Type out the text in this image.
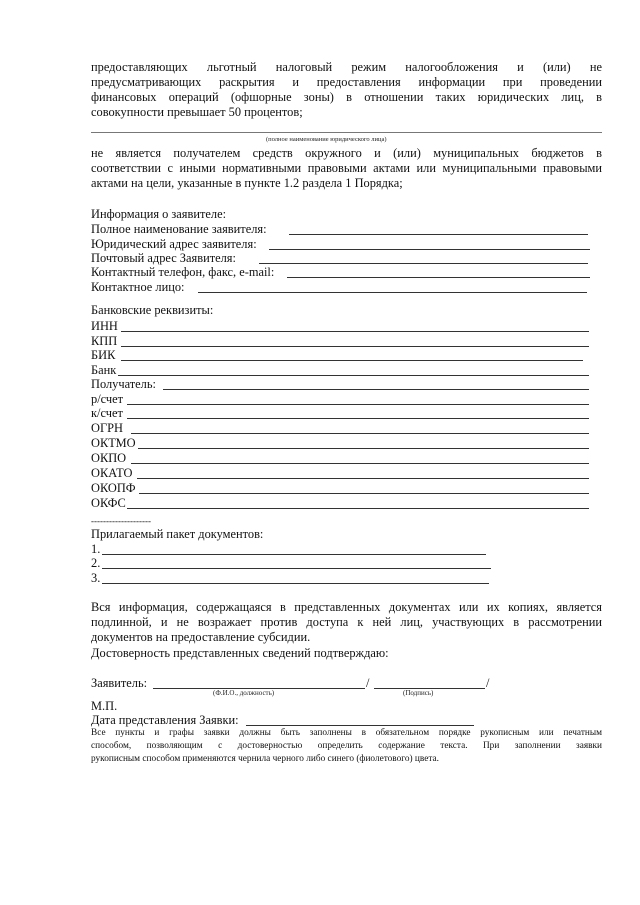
предоставляющих льготный налоговый режим налогообложения и (или) не
предусматривающих раскрытия и предоставления информации при проведении
финансовых операций (офшорные зоны) в отношении таких юридических лиц, в
совокупности превышает 50 процентов;
(полное наименование юридического лица)
не является получателем средств окружного и (или) муниципальных бюджетов в
соответствии с иными нормативными правовыми актами или муниципальными правовыми
актами на цели, указанные в пункте 1.2 раздела 1 Порядка;
Информация о заявителе:
Полное наименование заявителя:
Юридический адрес заявителя:
Почтовый адрес Заявителя:
Контактный телефон, факс, e-mail:
Контактное лицо:
Банковские реквизиты:
ИНН
КПП
БИК
Банк
Получатель:
р/счет
к/счет
ОГРН
ОКТМО
ОКПО
ОКАТО
ОКОПФ
ОКФС
--------------------
Прилагаемый пакет документов:
1.
2.
3.
Вся информация, содержащаяся в представленных документах или их копиях, является
подлинной, и не возражает против доступа к ней лиц, участвующих в рассмотрении
документов на предоставление субсидии.
Достоверность представленных сведений подтверждаю:
Заявитель:	/	/
(Ф.И.О., должность)	(Подпись)
М.П.
Дата представления Заявки:
Все пункты и графы заявки должны быть заполнены в обязательном порядке рукописным или печатным
способом, позволяющим с достоверностью определить содержание текста. При заполнении заявки
рукописным способом применяются чернила черного либо синего (фиолетового) цвета.
